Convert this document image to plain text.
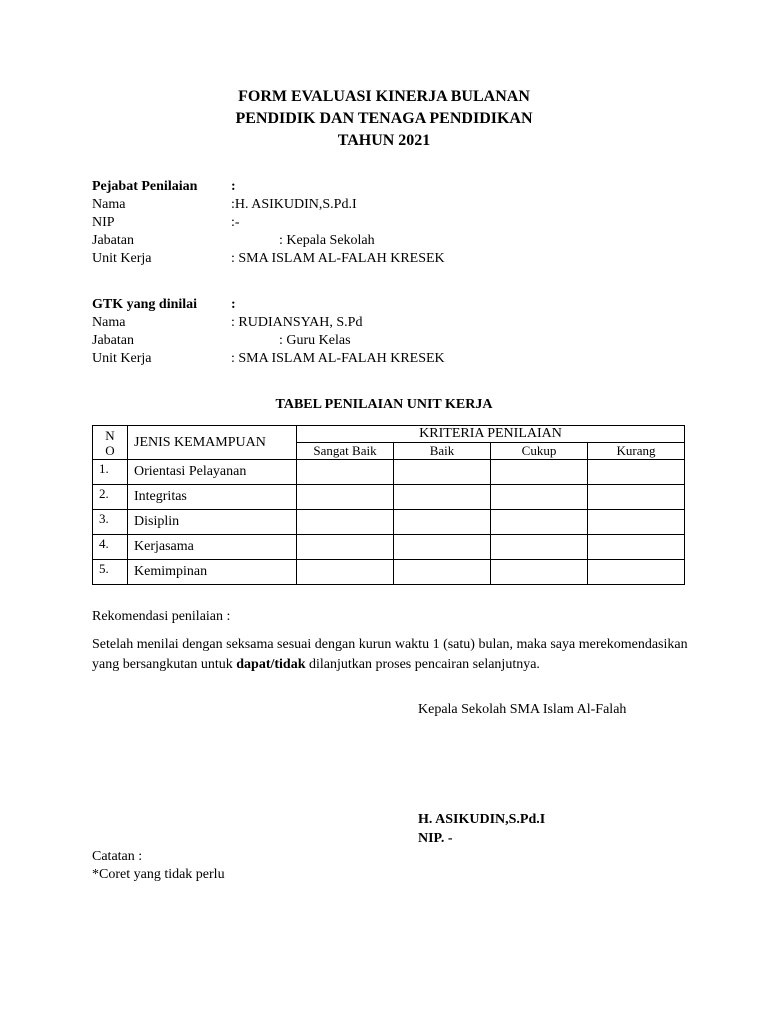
FORM EVALUASI KINERJA BULANAN
PENDIDIK DAN TENAGA PENDIDIKAN
TAHUN 2021
Pejabat Penilaian :
Nama	:H. ASIKUDIN,S.Pd.I
NIP	:-
Jabatan	: Kepala Sekolah
Unit Kerja	: SMA ISLAM AL-FALAH KRESEK
GTK yang dinilai :
Nama	: RUDIANSYAH, S.Pd
Jabatan	: Guru Kelas
Unit Kerja	: SMA ISLAM AL-FALAH KRESEK
TABEL PENILAIAN UNIT KERJA
N
O	JENIS KEMAMPUAN	KRITERIA PENILAIAN			
		Sangat Baik	Baik	Cukup	Kurang
1.	Orientasi Pelayanan				
2.	Integritas				
3.	Disiplin				
4.	Kerjasama				
5.	Kemimpinan				
Rekomendasi penilaian :
Setelah menilai dengan seksama sesuai dengan kurun waktu 1 (satu) bulan, maka saya merekomendasikan yang bersangkutan untuk dapat/tidak dilanjutkan proses pencairan selanjutnya.
Kepala Sekolah SMA Islam Al-Falah
H. ASIKUDIN,S.Pd.I
NIP. -
Catatan :
*Coret yang tidak perlu
